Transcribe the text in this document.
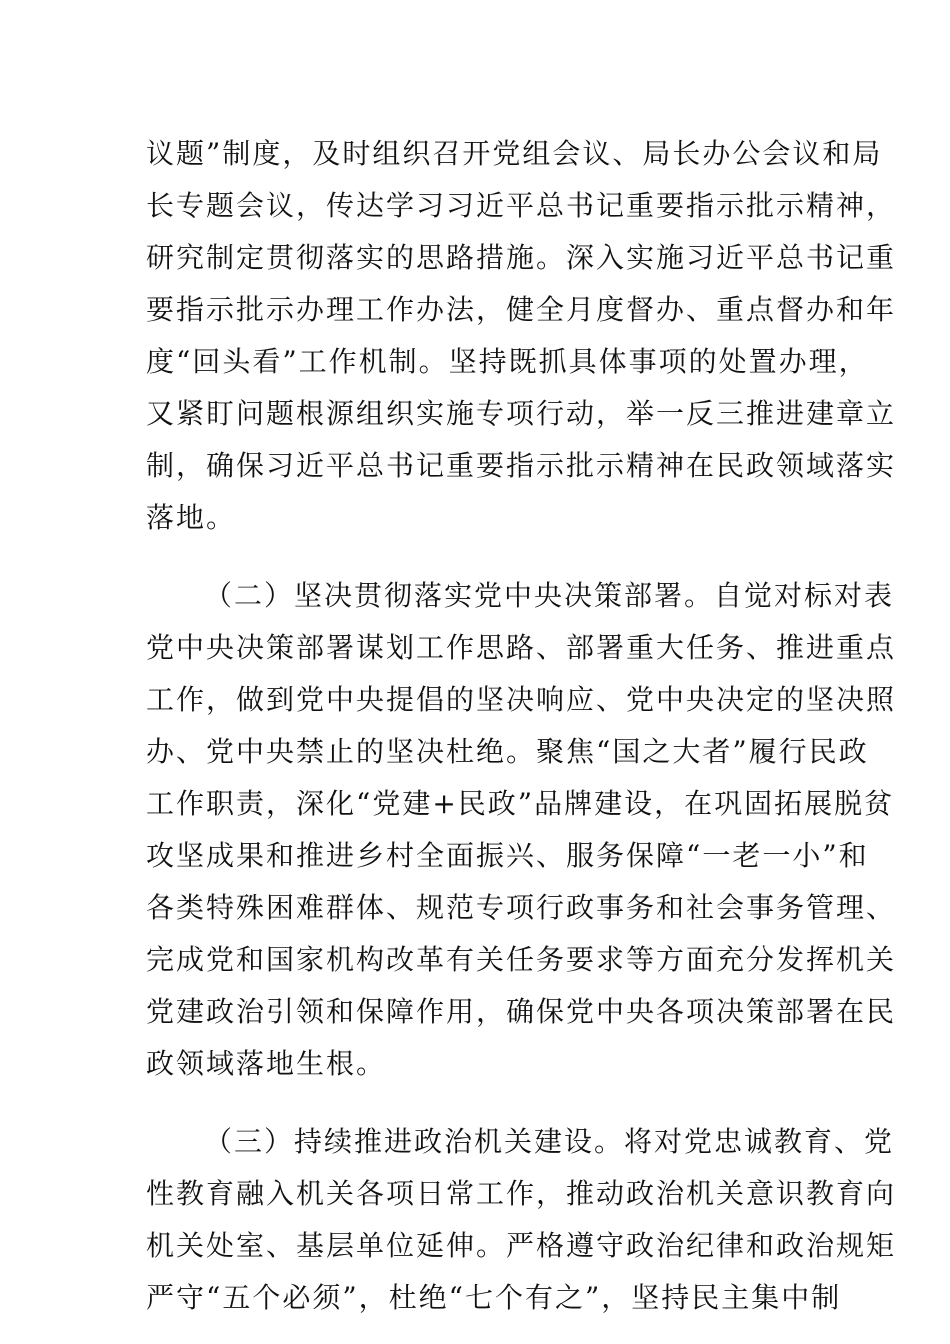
议题”制度，及时组织召开党组会议、局长办公会议和局
长专题会议，传达学习习近平总书记重要指示批示精神，
研究制定贯彻落实的思路措施。深入实施习近平总书记重
要指示批示办理工作办法，健全月度督办、重点督办和年
度“回头看”工作机制。坚持既抓具体事项的处置办理，
又紧盯问题根源组织实施专项行动，举一反三推进建章立
制，确保习近平总书记重要指示批示精神在民政领域落实
落地。
（二）坚决贯彻落实党中央决策部署。自觉对标对表
党中央决策部署谋划工作思路、部署重大任务、推进重点
工作，做到党中央提倡的坚决响应、党中央决定的坚决照
办、党中央禁止的坚决杜绝。聚焦“国之大者”履行民政
工作职责，深化“党建+民政”品牌建设，在巩固拓展脱贫
攻坚成果和推进乡村全面振兴、服务保障“一老一小”和
各类特殊困难群体、规范专项行政事务和社会事务管理、
完成党和国家机构改革有关任务要求等方面充分发挥机关
党建政治引领和保障作用，确保党中央各项决策部署在民
政领域落地生根。
（三）持续推进政治机关建设。将对党忠诚教育、党
性教育融入机关各项日常工作，推动政治机关意识教育向
机关处室、基层单位延伸。严格遵守政治纪律和政治规矩
严守“五个必须”，杜绝“七个有之”，坚持民主集中制
